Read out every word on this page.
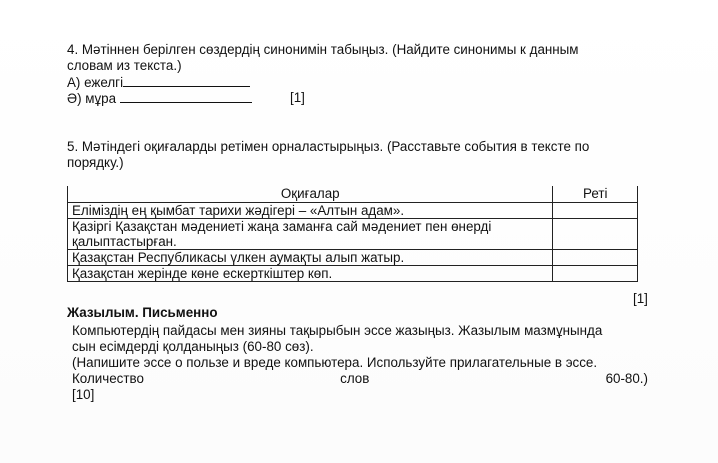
4. Мәтіннен берілген сөздердің синонимін табыңыз. (Найдите синонимы к данным
словам из текста.)
А) ежелгі
Ә) мұра	[1]
5. Мәтіндегі оқиғаларды ретімен орналастырыңыз. (Расставьте события в тексте по
порядку.)
Оқиғалар	Реті
Еліміздің ең қымбат тарихи жәдігері – «Алтын адам».	
Қазіргі Қазақстан мәдениеті жаңа заманға сай мәдениет пен өнерді қалыптастырған.	
Қазақстан Республикасы үлкен аумақты алып жатыр.	
Қазақстан жерінде көне ескерткіштер көп.	
[1]
Жазылым. Письменно
Компьютердің пайдасы мен зияны тақырыбын эссе жазыңыз. Жазылым мазмұнында
сын есімдерді қолданыңыз (60-80 сөз).
(Напишите эссе о пользе и вреде компьютера. Используйте прилагательные в эссе.
Количество	слов	60-80.)
[10]
